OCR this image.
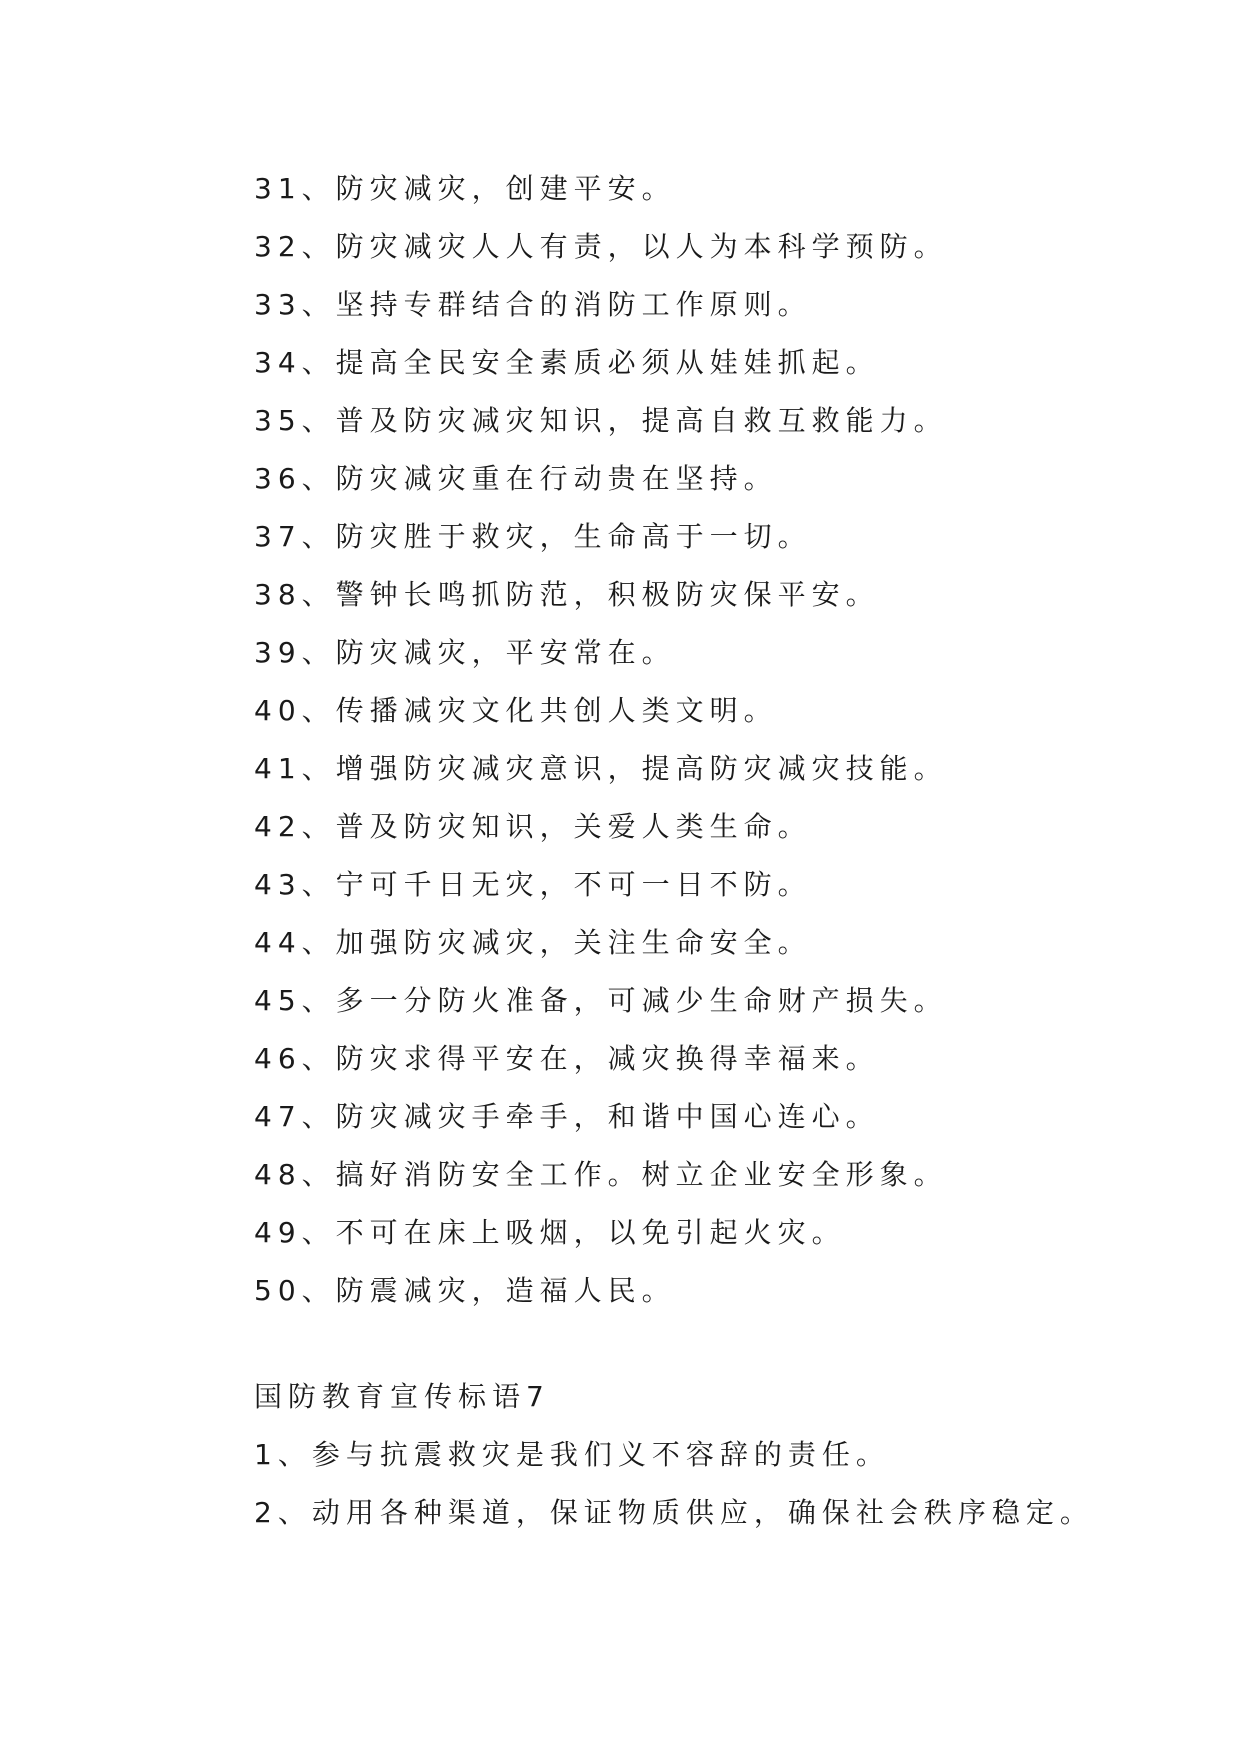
31、防灾减灾，创建平安。
32、防灾减灾人人有责，以人为本科学预防。
33、坚持专群结合的消防工作原则。
34、提高全民安全素质必须从娃娃抓起。
35、普及防灾减灾知识，提高自救互救能力。
36、防灾减灾重在行动贵在坚持。
37、防灾胜于救灾，生命高于一切。
38、警钟长鸣抓防范，积极防灾保平安。
39、防灾减灾，平安常在。
40、传播减灾文化共创人类文明。
41、增强防灾减灾意识，提高防灾减灾技能。
42、普及防灾知识，关爱人类生命。
43、宁可千日无灾，不可一日不防。
44、加强防灾减灾，关注生命安全。
45、多一分防火准备，可减少生命财产损失。
46、防灾求得平安在，减灾换得幸福来。
47、防灾减灾手牵手，和谐中国心连心。
48、搞好消防安全工作。树立企业安全形象。
49、不可在床上吸烟，以免引起火灾。
50、防震减灾，造福人民。
国防教育宣传标语7
1、参与抗震救灾是我们义不容辞的责任。
2、动用各种渠道，保证物质供应，确保社会秩序稳定。
